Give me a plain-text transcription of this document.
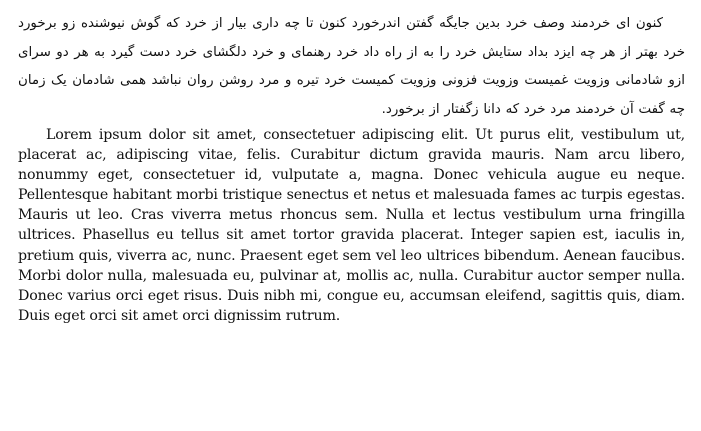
کنون ای خردمند وصف خرد بدین جایگه گفتن اندرخورد کنون تا چه داری بیار از خرد که گوش نیوشنده زو برخورد خرد بهتر از هر چه ایزد بداد ستایش خرد را به از راه داد خرد رهنمای و خرد دلگشای خرد دست گیرد به هر دو سرای ازو شادمانی وزویت غمیست وزویت فزونی وزویت کمیست خرد تیره و مرد روشن روان نباشد همی شادمان یک زمان چه گفت آن خردمند مرد خرد که دانا زگفتار از برخورد.

Lorem ipsum dolor sit amet, consectetuer adipiscing elit. Ut purus elit, vestibulum ut, placerat ac, adipiscing vitae, felis. Curabitur dictum gravida mauris. Nam arcu libero, nonummy eget, consectetuer id, vulputate a, magna. Donec vehicula augue eu neque. Pellentesque habitant morbi tristique senectus et netus et malesuada fames ac turpis egestas. Mauris ut leo. Cras viverra metus rhoncus sem. Nulla et lectus vestibulum urna fringilla ultrices. Phasellus eu tellus sit amet tortor gravida placerat. Integer sapien est, iaculis in, pretium quis, viverra ac, nunc. Praesent eget sem vel leo ultrices bibendum. Aenean faucibus. Morbi dolor nulla, malesuada eu, pulvinar at, mollis ac, nulla. Curabitur auctor semper nulla. Donec varius orci eget risus. Duis nibh mi, congue eu, accumsan eleifend, sagittis quis, diam. Duis eget orci sit amet orci dignissim rutrum.
